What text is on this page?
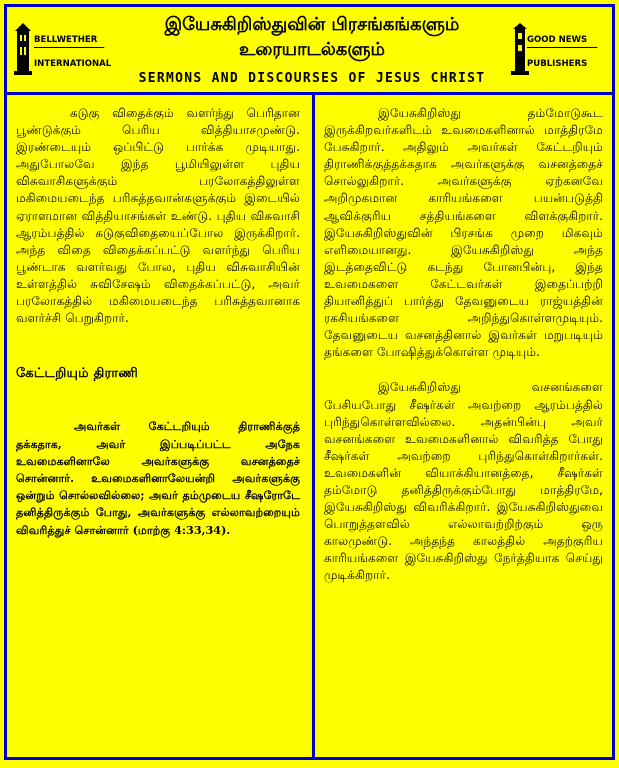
BELLWETHER
INTERNATIONAL
இயேசுகிறிஸ்துவின் பிரசங்கங்களும்
உரையாடல்களும்
SERMONS AND DISCOURSES OF JESUS CHRIST
GOOD NEWS
PUBLISHERS

கடுகு விதைக்கும் வளர்ந்து பெரிதான பூண்டுக்கும் பெரிய வித்தியாசமுண்டு. இரண்டையும் ஒப்பிட்டு பார்க்க முடியாது. அதுபோலவே இந்த பூமியிலுள்ள புதிய விசுவாசிகளுக்கும் பரலோகத்திலுள்ள மகிமையடைந்த பரிசுத்தவான்களுக்கும் இடையில் ஏராளமான வித்தியாசங்கள் உண்டு. புதிய விசுவாசி ஆரம்பத்தில் கடுகுவிதையைப்போல இருக்கிறார். அந்த விதை விதைக்கப்பட்டு வளர்ந்து பெரிய பூண்டாக வளர்வது போல, புதிய விசுவாசியின் உள்ளத்தில் சுவிசேஷம் விதைக்கப்பட்டு, அவர் பரலோகத்தில் மகிமையடைந்த பரிசுத்தவானாக வளர்ச்சி பெறுகிறார்.

கேட்டறியும் திராணி

அவர்கள் கேட்டறியும் திராணிக்குத் தக்கதாக, அவர் இப்படிப்பட்ட அநேக உவமைகளினாலே அவர்களுக்கு வசனத்தைச் சொன்னார். உவமைகளினாலேயன்றி அவர்களுக்கு ஒன்றும் சொல்லவில்லை; அவர் தம்முடைய சீஷரோடே தனித்திருக்கும் போது, அவர்களுக்கு எல்லாவற்றையும் விவரித்துச் சொன்னார் (மாற்கு 4:33,34).

இயேசுகிறிஸ்து தம்மோடுகூட இருக்கிறவர்களிடம் உவமைகளினால் மாத்திரமே பேசுகிறார். அதிலும் அவர்கள் கேட்டறியும் திராணிக்குத்தக்கதாக அவர்களுக்கு வசனத்தைச் சொல்லுகிறார். அவர்களுக்கு ஏற்கனவே அறிமுகமான காரியங்களை பயன்படுத்தி ஆவிக்குரிய சத்தியங்களை விளக்குகிறார். இயேசுகிறிஸ்துவின் பிரசங்க முறை மிகவும் எளிமையானது. இயேசுகிறிஸ்து அந்த இடத்தைவிட்டு கடந்து போனபின்பு, இந்த உவமைகளை கேட்டவர்கள் இதைப்பற்றி தியானித்துப் பார்த்து தேவனுடைய ராஜ்யத்தின் ரகசியங்களை அறிந்துகொள்ளமுடியும். தேவனுடைய வசனத்தினால் இவர்கள் மறுபடியும் தங்களை போஷித்துக்கொள்ள முடியும்.

இயேசுகிறிஸ்து வசனங்களை பேசியபோது சீஷர்கள் அவற்றை ஆரம்பத்தில் புரிந்துகொள்ளவில்லை. அதன்பின்பு அவர் வசனங்களை உவமைகளினால் விவரித்த போது சீஷர்கள் அவற்றை புரிந்துகொள்கிறார்கள். உவமைகளின் வியாக்கியானத்தை, சீஷர்கள் தம்மோடு தனித்திருக்கும்போது மாத்திரமே, இயேசுகிறிஸ்து விவரிக்கிறார். இயேசுகிறிஸ்துவை பொறுத்தளவில் எல்லாவற்றிற்கும் ஒரு காலமுண்டு. அந்தந்த காலத்தில் அதற்குரிய காரியங்களை இயேசுகிறிஸ்து நேர்த்தியாக செய்து முடிக்கிறார்.
